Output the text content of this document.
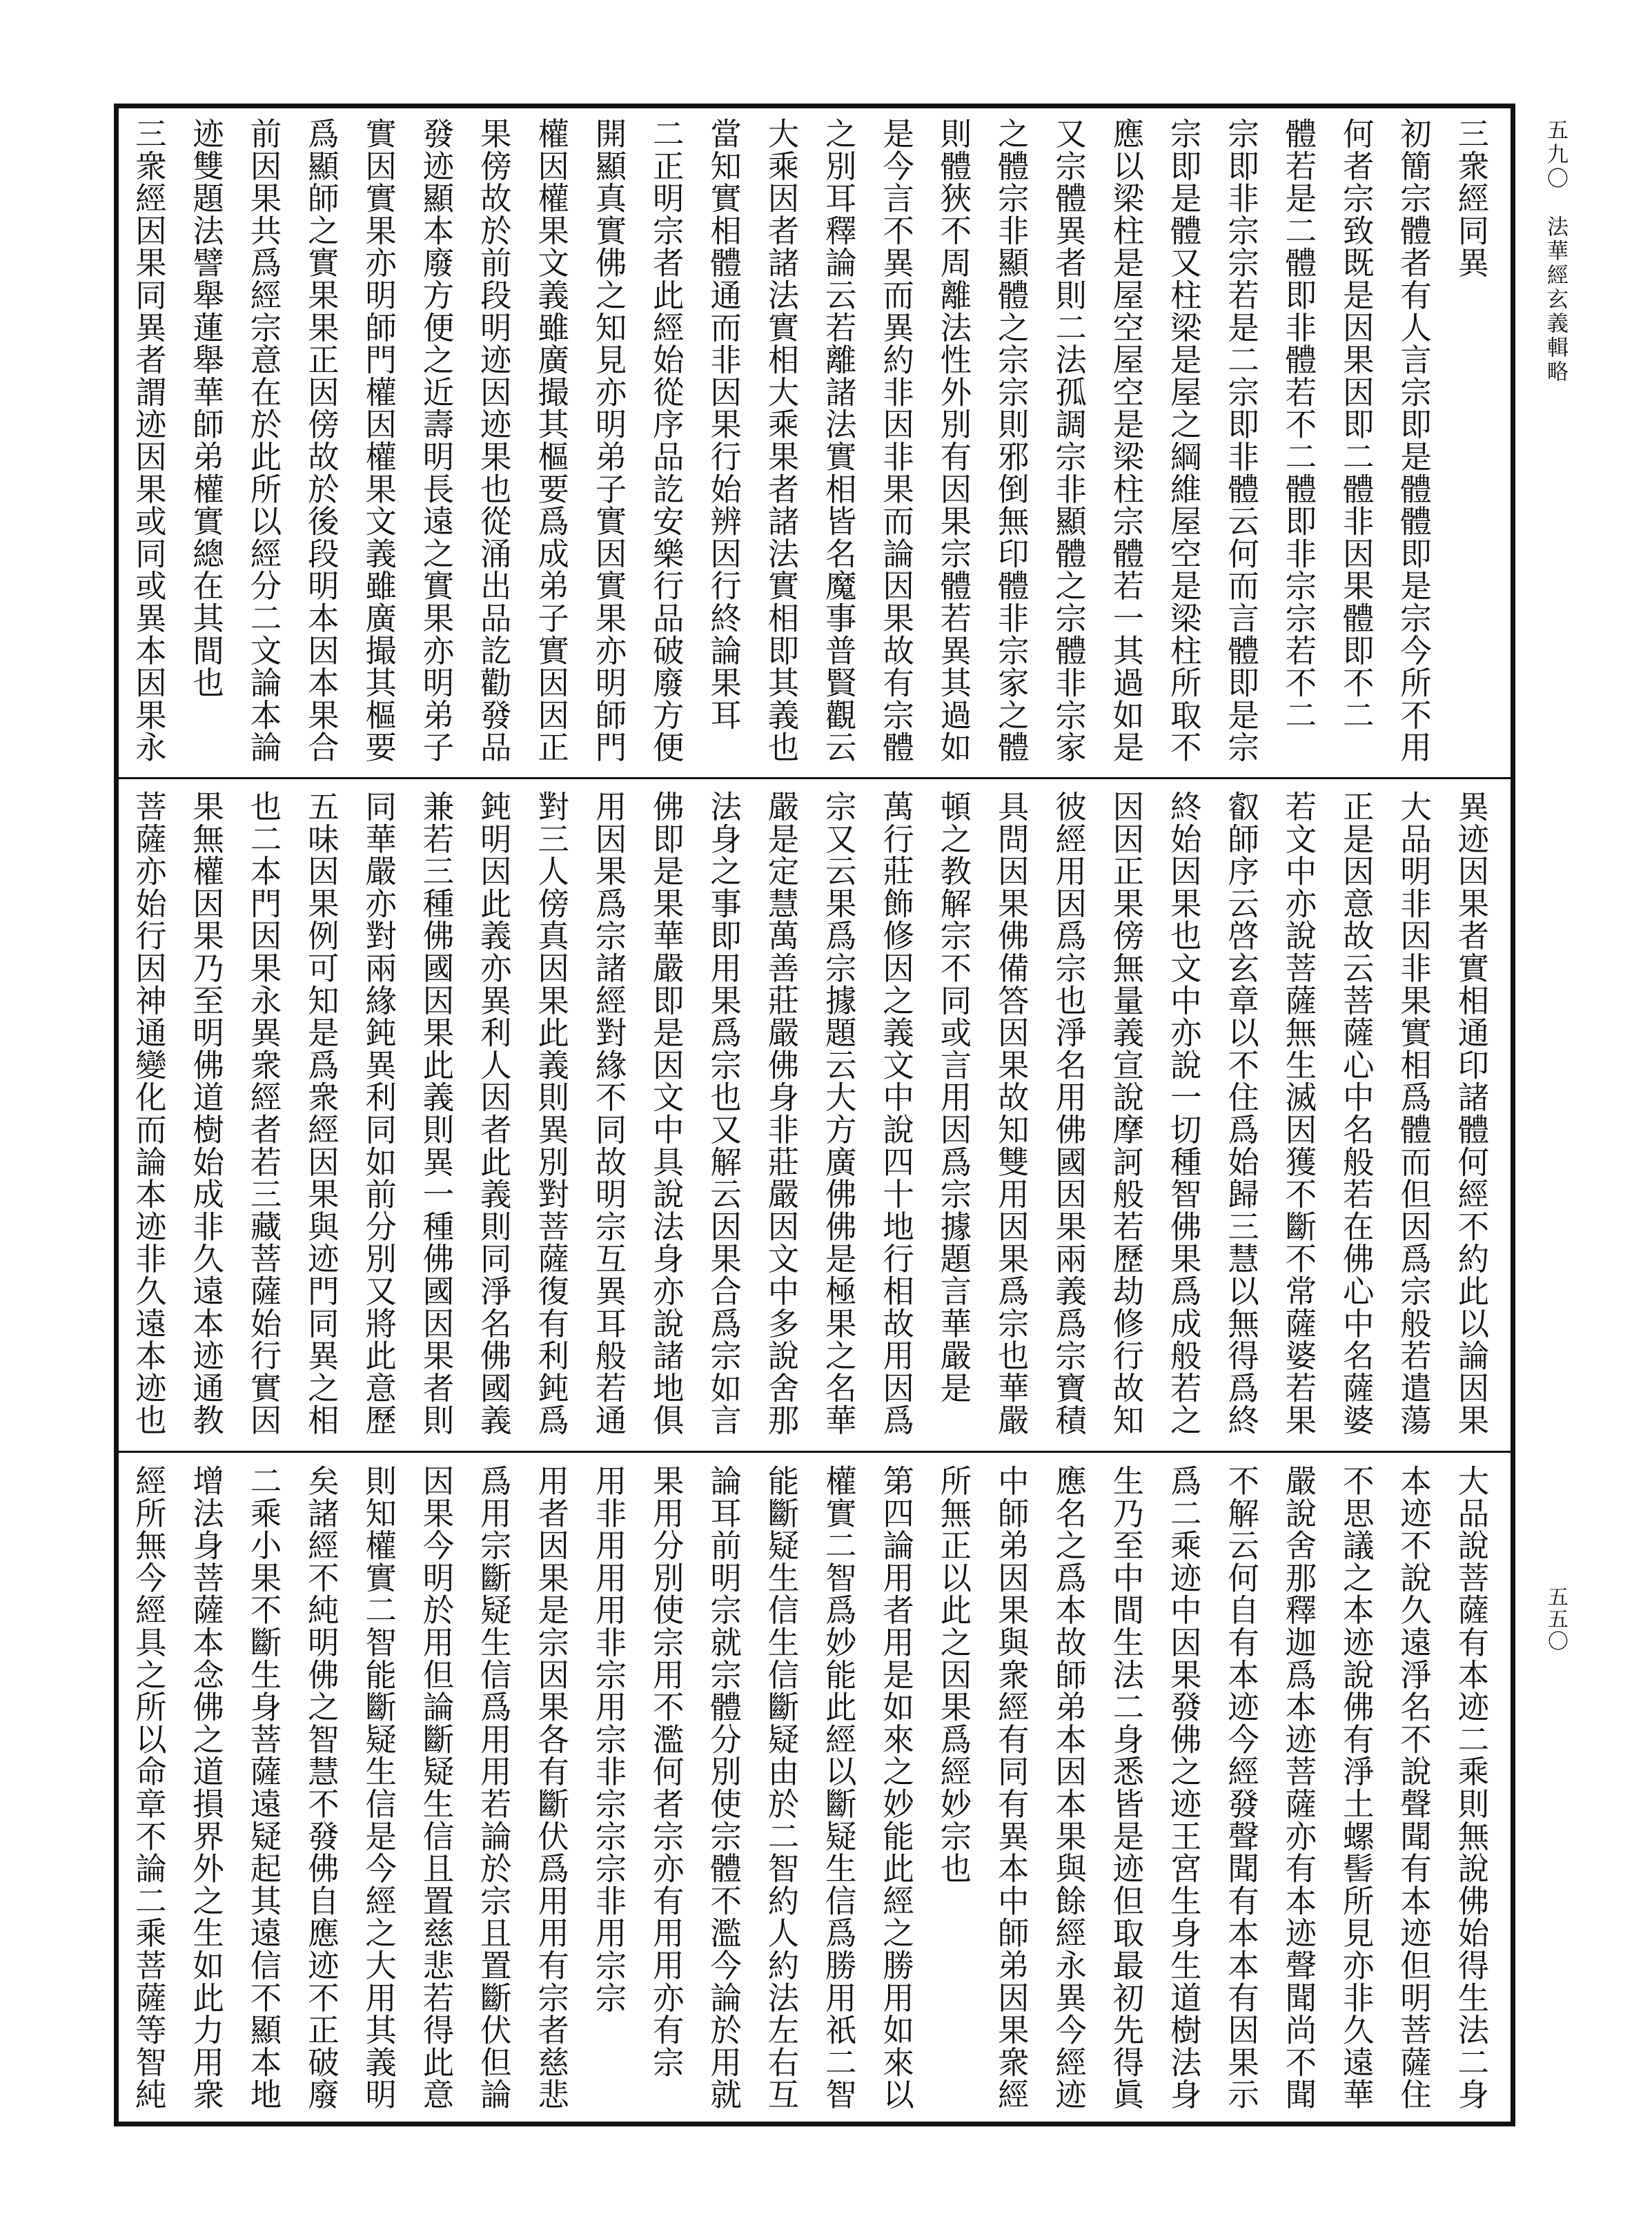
五九〇　法華經玄義輯略
五五〇
三衆經同異
初簡宗體者有人言宗即是體體即是宗今所不用
何者宗致既是因果因即二體非因果體即不二
體若是二體即非體若不二體即非宗宗若不二
宗即非宗宗若是二宗即非體云何而言體即是宗
宗即是體又柱梁是屋之綱維屋空是梁柱所取不
應以梁柱是屋空屋空是梁柱宗體若一其過如是
又宗體異者則二法孤調宗非顯體之宗體非宗家
之體宗非顯體之宗宗則邪倒無印體非宗家之體
則體狹不周離法性外別有因果宗體若異其過如
是今言不異而異約非因非果而論因果故有宗體
之別耳釋論云若離諸法實相皆名魔事普賢觀云
大乘因者諸法實相大乘果者諸法實相即其義也
當知實相體通而非因果行始辨因行終論果耳
二正明宗者此經始從序品訖安樂行品破廢方便
開顯真實佛之知見亦明弟子實因實果亦明師門
權因權果文義雖廣撮其樞要爲成弟子實因因正
果傍故於前段明迹因迹果也從涌出品訖勸發品
發迹顯本廢方便之近壽明長遠之實果亦明弟子
實因實果亦明師門權因權果文義雖廣撮其樞要
爲顯師之實果果正因傍故於後段明本因本果合
前因果共爲經宗意在於此所以經分二文論本論
迹雙題法譬舉蓮舉華師弟權實總在其間也
三衆經因果同異者謂迹因果或同或異本因果永
異迹因果者實相通印諸體何經不約此以論因果
大品明非因非果實相爲體而但因爲宗般若遣蕩
正是因意故云菩薩心中名般若在佛心中名薩婆
若文中亦說菩薩無生滅因獲不斷不常薩婆若果
叡師序云啓玄章以不住爲始歸三慧以無得爲終
終始因果也文中亦說一切種智佛果爲成般若之
因因正果傍無量義宣說摩訶般若歷劫修行故知
彼經用因爲宗也淨名用佛國因果兩義爲宗寶積
具問因果佛備答因果故知雙用因果爲宗也華嚴
頓之教解宗不同或言用因爲宗據題言華嚴是
萬行莊飾修因之義文中說四十地行相故用因爲
宗又云果爲宗據題云大方廣佛佛是極果之名華
嚴是定慧萬善莊嚴佛身非莊嚴因文中多說舍那
法身之事即用果爲宗也又解云因果合爲宗如言
佛即是果華嚴即是因文中具說法身亦說諸地俱
用因果爲宗諸經對緣不同故明宗互異耳般若通
對三人傍真因果此義則異別對菩薩復有利鈍爲
鈍明因此義亦異利人因者此義則同淨名佛國義
兼若三種佛國因果此義則異一種佛國因果者則
同華嚴亦對兩緣鈍異利同如前分別又將此意歷
五味因果例可知是爲衆經因果與迹門同異之相
也二本門因果永異衆經者若三藏菩薩始行實因
果無權因果乃至明佛道樹始成非久遠本迹通教
菩薩亦始行因神通變化而論本迹非久遠本迹也
大品說菩薩有本迹二乘則無說佛始得生法二身
本迹不說久遠淨名不說聲聞有本迹但明菩薩住
不思議之本迹說佛有淨土螺髻所見亦非久遠華
嚴說舍那釋迦爲本迹菩薩亦有本迹聲聞尚不聞
不解云何自有本迹今經發聲聞有本本有因果示
爲二乘迹中因果發佛之迹王宮生身生道樹法身
生乃至中間生法二身悉皆是迹但取最初先得眞
應名之爲本故師弟本因本果與餘經永異今經迹
中師弟因果與衆經有同有異本中師弟因果衆經
所無正以此之因果爲經妙宗也
第四論用者用是如來之妙能此經之勝用如來以
權實二智爲妙能此經以斷疑生信爲勝用祇二智
能斷疑生信生信斷疑由於二智約人約法左右互
論耳前明宗就宗體分別使宗體不濫今論於用就
果用分別使宗用不濫何者宗亦有用用亦有宗
用非用用用非宗用宗非宗宗宗非用宗宗
用者因果是宗因果各有斷伏爲用用有宗者慈悲
爲用宗斷疑生信爲用用若論於宗且置斷伏但論
因果今明於用但論斷疑生信且置慈悲若得此意
則知權實二智能斷疑生信是今經之大用其義明
矣諸經不純明佛之智慧不發佛自應迹不正破廢
二乘小果不斷生身菩薩遠疑起其遠信不顯本地
增法身菩薩本念佛之道損界外之生如此力用衆
經所無今經具之所以命章不論二乘菩薩等智純
